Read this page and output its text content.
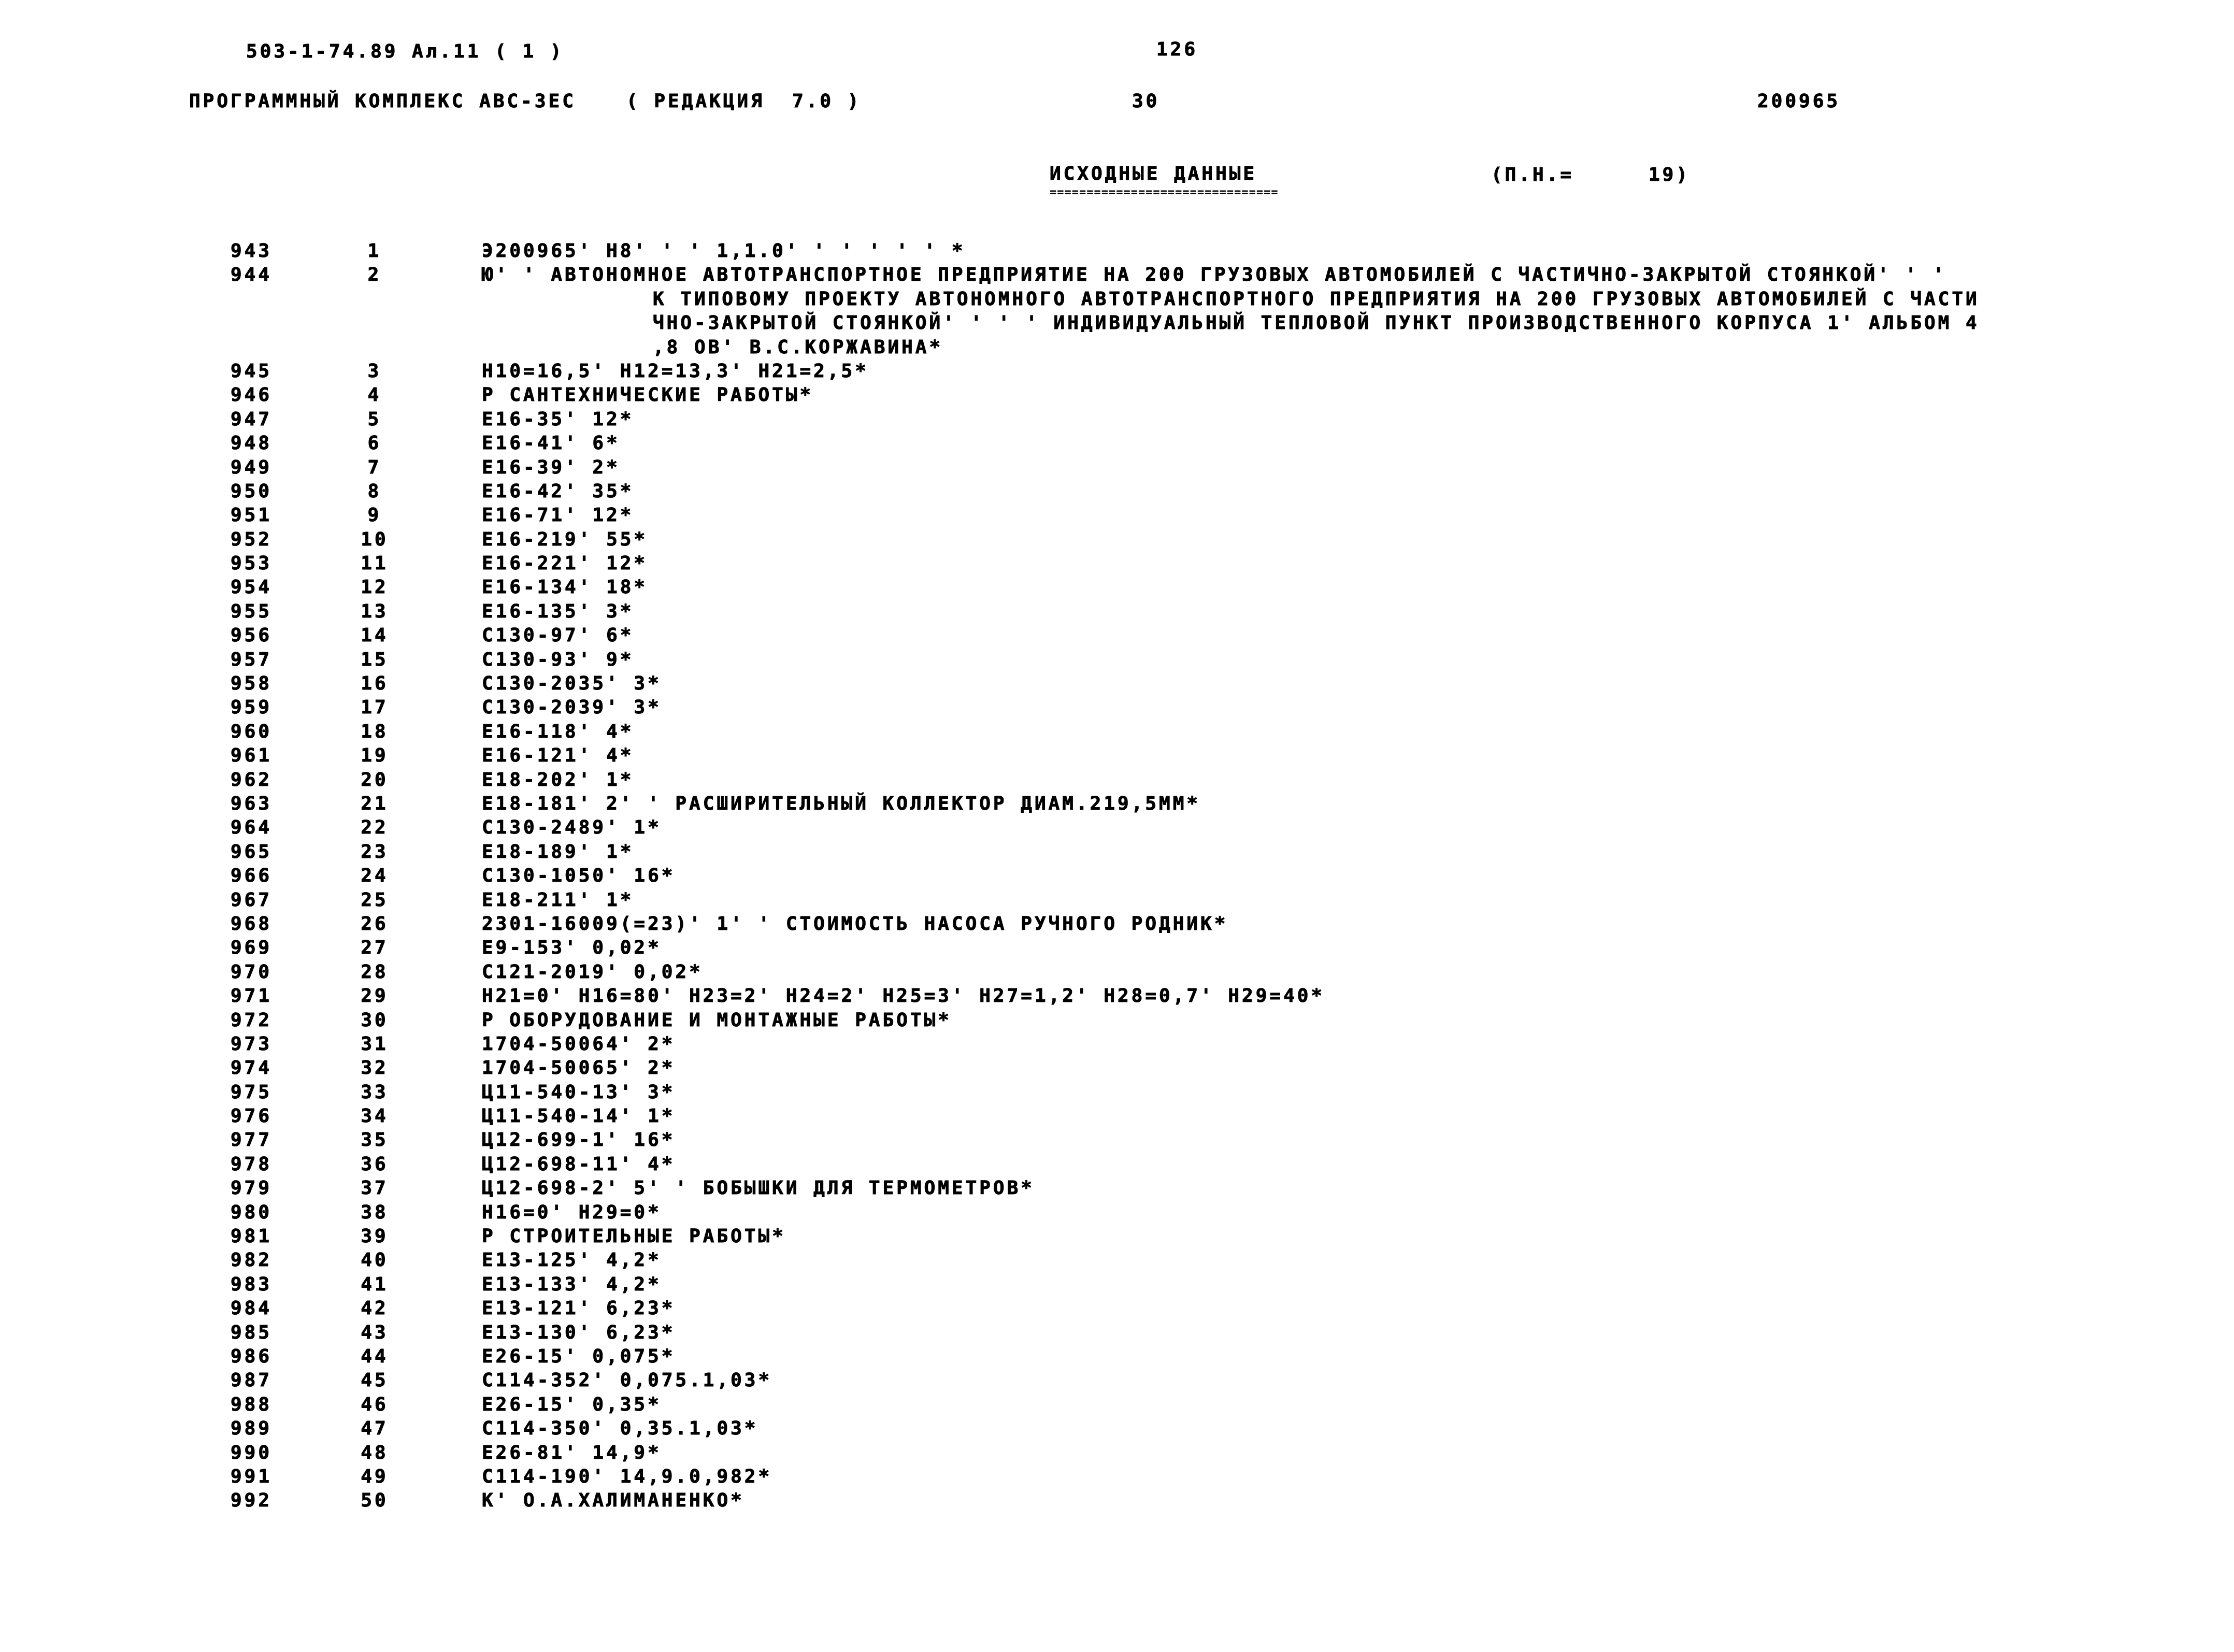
503-1-74.89 Ал.11 ( 1 )	126
ПРОГРАММНЫЙ КОМПЛЕКС АВС-3ЕС	( РЕДАКЦИЯ  7.0 )	30	200965
ИСХОДНЫЕ ДАННЫЕ
===============================
(П.Н.=	19)
943	1	Э200965' Н8' ' ' 1,1.0' ' ' ' ' ' *
944	2	Ю' ' АВТОНОМНОЕ АВТОТРАНСПОРТНОЕ ПРЕДПРИЯТИЕ НА 200 ГРУЗОВЫХ АВТОМОБИЛЕЙ С ЧАСТИЧНО-ЗАКРЫТОЙ СТОЯНКОЙ' ' '
К ТИПОВОМУ ПРОЕКТУ АВТОНОМНОГО АВТОТРАНСПОРТНОГО ПРЕДПРИЯТИЯ НА 200 ГРУЗОВЫХ АВТОМОБИЛЕЙ С ЧАСТИ
ЧНО-ЗАКРЫТОЙ СТОЯНКОЙ' ' ' ' ИНДИВИДУАЛЬНЫЙ ТЕПЛОВОЙ ПУНКТ ПРОИЗВОДСТВЕННОГО КОРПУСА 1' АЛЬБОМ 4
,8 ОВ' В.С.КОРЖАВИНА*
945	3	Н10=16,5' Н12=13,3' Н21=2,5*
946	4	Р САНТЕХНИЧЕСКИЕ РАБОТЫ*
947	5	Е16-35' 12*
948	6	Е16-41' 6*
949	7	Е16-39' 2*
950	8	Е16-42' 35*
951	9	Е16-71' 12*
952	10	Е16-219' 55*
953	11	Е16-221' 12*
954	12	Е16-134' 18*
955	13	Е16-135' 3*
956	14	С130-97' 6*
957	15	С130-93' 9*
958	16	С130-2035' 3*
959	17	С130-2039' 3*
960	18	Е16-118' 4*
961	19	Е16-121' 4*
962	20	Е18-202' 1*
963	21	Е18-181' 2' ' РАСШИРИТЕЛЬНЫЙ КОЛЛЕКТОР ДИАМ.219,5ММ*
964	22	С130-2489' 1*
965	23	Е18-189' 1*
966	24	С130-1050' 16*
967	25	Е18-211' 1*
968	26	2301-16009(=23)' 1' ' СТОИМОСТЬ НАСОСА РУЧНОГО РОДНИК*
969	27	Е9-153' 0,02*
970	28	С121-2019' 0,02*
971	29	Н21=0' Н16=80' Н23=2' Н24=2' Н25=3' Н27=1,2' Н28=0,7' Н29=40*
972	30	Р ОБОРУДОВАНИЕ И МОНТАЖНЫЕ РАБОТЫ*
973	31	1704-50064' 2*
974	32	1704-50065' 2*
975	33	Ц11-540-13' 3*
976	34	Ц11-540-14' 1*
977	35	Ц12-699-1' 16*
978	36	Ц12-698-11' 4*
979	37	Ц12-698-2' 5' ' БОБЫШКИ ДЛЯ ТЕРМОМЕТРОВ*
980	38	Н16=0' Н29=0*
981	39	Р СТРОИТЕЛЬНЫЕ РАБОТЫ*
982	40	Е13-125' 4,2*
983	41	Е13-133' 4,2*
984	42	Е13-121' 6,23*
985	43	Е13-130' 6,23*
986	44	Е26-15' 0,075*
987	45	С114-352' 0,075.1,03*
988	46	Е26-15' 0,35*
989	47	С114-350' 0,35.1,03*
990	48	Е26-81' 14,9*
991	49	С114-190' 14,9.0,982*
992	50	К' О.А.ХАЛИМАНЕНКО*
